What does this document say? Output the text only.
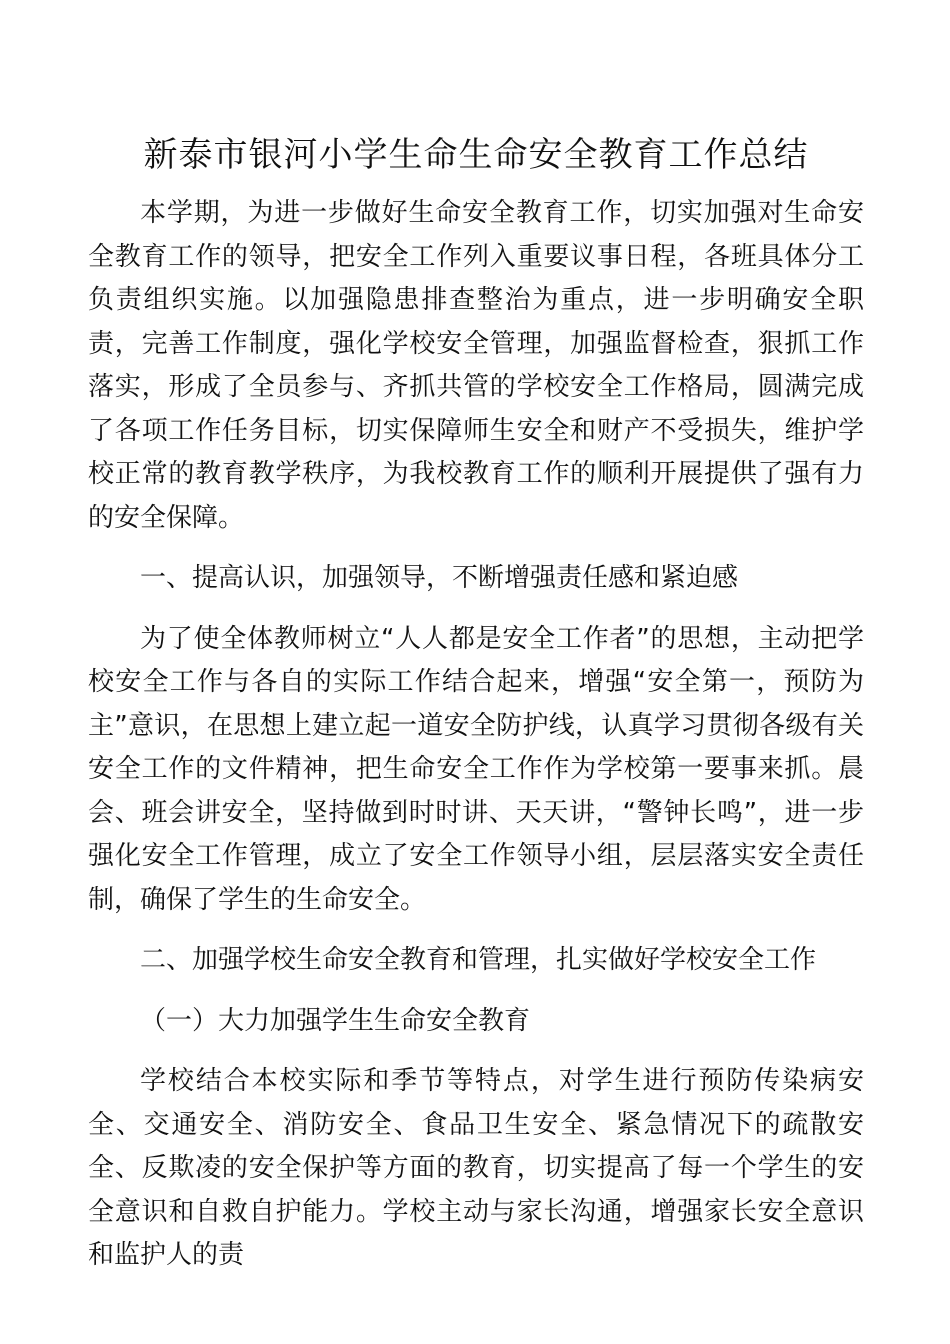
新泰市银河小学生命生命安全教育工作总结

本学期，为进一步做好生命安全教育工作，切实加强对生命安全教育工作的领导，把安全工作列入重要议事日程，各班具体分工负责组织实施。以加强隐患排查整治为重点，进一步明确安全职责，完善工作制度，强化学校安全管理，加强监督检查，狠抓工作落实，形成了全员参与、齐抓共管的学校安全工作格局，圆满完成了各项工作任务目标，切实保障师生安全和财产不受损失，维护学校正常的教育教学秩序，为我校教育工作的顺利开展提供了强有力的安全保障。

一、提高认识，加强领导，不断增强责任感和紧迫感

为了使全体教师树立“人人都是安全工作者”的思想，主动把学校安全工作与各自的实际工作结合起来，增强“安全第一，预防为主”意识，在思想上建立起一道安全防护线，认真学习贯彻各级有关安全工作的文件精神，把生命安全工作作为学校第一要事来抓。晨会、班会讲安全，坚持做到时时讲、天天讲，“警钟长鸣”，进一步强化安全工作管理，成立了安全工作领导小组，层层落实安全责任制，确保了学生的生命安全。

二、加强学校生命安全教育和管理，扎实做好学校安全工作

（一）大力加强学生生命安全教育

学校结合本校实际和季节等特点，对学生进行预防传染病安全、交通安全、消防安全、食品卫生安全、紧急情况下的疏散安全、反欺凌的安全保护等方面的教育，切实提高了每一个学生的安全意识和自救自护能力。学校主动与家长沟通，增强家长安全意识和监护人的责
